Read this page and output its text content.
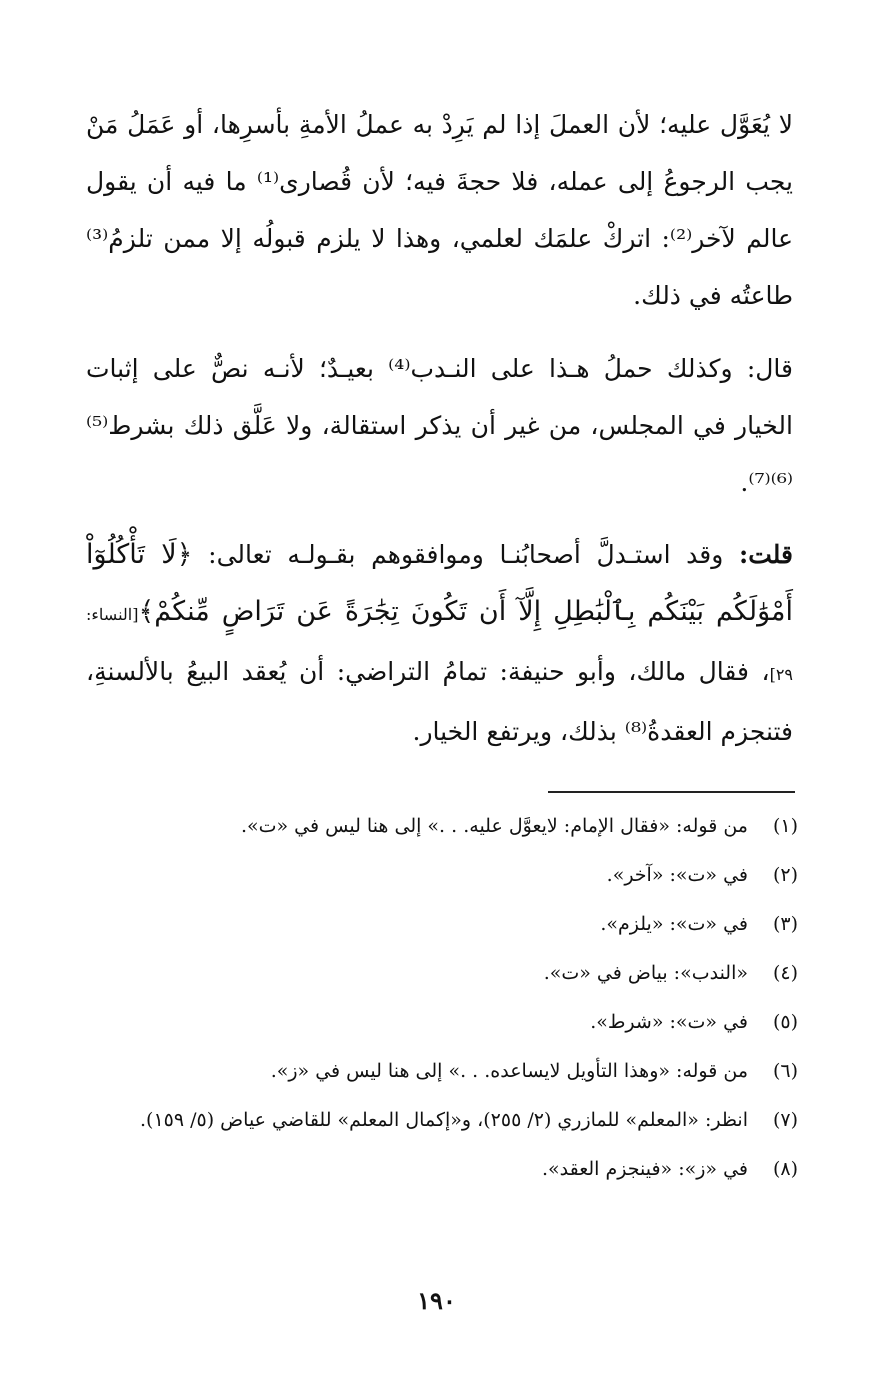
لا يُعَوَّل عليه؛ لأن العملَ إذا لم يَرِدْ به عملُ الأمةِ بأسرِها، أو عَمَلُ مَنْ يجب الرجوعُ إلى عمله، فلا حجةَ فيه؛ لأن قُصارى⁽¹⁾ ما فيه أن يقول عالم لآخر⁽²⁾: اتركْ علمَك لعلمي، وهذا لا يلزم قبولُه إلا ممن تلزمُ⁽³⁾ طاعتُه في ذلك.

قال: وكذلك حملُ هـذا على النـدب⁽⁴⁾ بعيـدٌ؛ لأنـه نصٌّ على إثبات الخيار في المجلس، من غير أن يذكر استقالة، ولا عَلَّق ذلك بشرط⁽⁵⁾⁽⁶⁾⁽⁷⁾.

قلت: وقد استـدلَّ أصحابُنـا وموافقوهم بقـولـه تعالى: ﴿لَا تَأْكُلُوٓاْ أَمْوَٰلَكُم بَيْنَكُم بِٱلْبَٰطِلِ إِلَّآ أَن تَكُونَ تِجَٰرَةً عَن تَرَاضٍ مِّنكُمْ﴾[النساء: ٢٩]، فقال مالك، وأبو حنيفة: تمامُ التراضي: أن يُعقد البيعُ بالألسنةِ، فتنجزم العقدةُ⁽⁸⁾ بذلك، ويرتفع الخيار.

(١)
من قوله: «فقال الإمام: لايعوَّل عليه. . .» إلى هنا ليس في «ت».
(٢)
في «ت»: «آخر».
(٣)
في «ت»: «يلزم».
(٤)
«الندب»: بياض في «ت».
(٥)
في «ت»: «شرط».
(٦)
من قوله: «وهذا التأويل لايساعده. . .» إلى هنا ليس في «ز».
(٧)
انظر: «المعلم» للمازري (٢/ ٢٥٥)، و«إكمال المعلم» للقاضي عياض (٥/ ١٥٩).
(٨)
في «ز»: «فينجزم العقد».
١٩٠
